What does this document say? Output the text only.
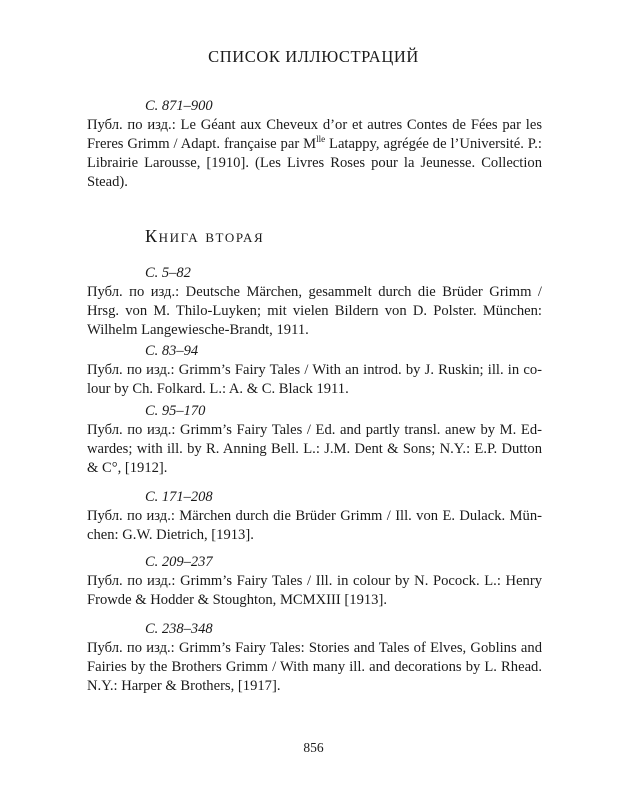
СПИСОК ИЛЛЮСТРАЦИЙ
С. 871–900
Публ. по изд.: Le Géant aux Cheveux d’or et autres Contes de Fées par les Freres Grimm / Adapt. française par $M^{lle}$ Latappy, agrégée de l’Université. P.: Librairie Larousse, [1910]. (Les Livres Roses pour la Jeunesse. Collection Stead).
Книга вторая
С. 5–82
Публ. по изд.: Deutsche Märchen, gesammelt durch die Brüder Grimm / Hrsg. von M. Thilo-Luyken; mit vielen Bildern von D. Polster. München: Wilhelm Langewiesche-Brandt, 1911.
С. 83–94
Публ. по изд.: Grimm’s Fairy Tales / With an introd. by J. Ruskin; ill. in colour by Ch. Folkard. L.: A. & C. Black 1911.
С. 95–170
Публ. по изд.: Grimm’s Fairy Tales / Ed. and partly transl. anew by M. Edwardes; with ill. by R. Anning Bell. L.: J.M. Dent & Sons; N.Y.: E.P. Dutton & C°, [1912].
С. 171–208
Публ. по изд.: Märchen durch die Brüder Grimm / Ill. von E. Dulack. München: G.W. Dietrich, [1913].
С. 209–237
Публ. по изд.: Grimm’s Fairy Tales / Ill. in colour by N. Pocock. L.: Henry Frowde & Hodder & Stoughton, MCMXIII [1913].
С. 238–348
Публ. по изд.: Grimm’s Fairy Tales: Stories and Tales of Elves, Goblins and Fairies by the Brothers Grimm / With many ill. and decorations by L. Rhead. N.Y.: Harper & Brothers, [1917].
856
